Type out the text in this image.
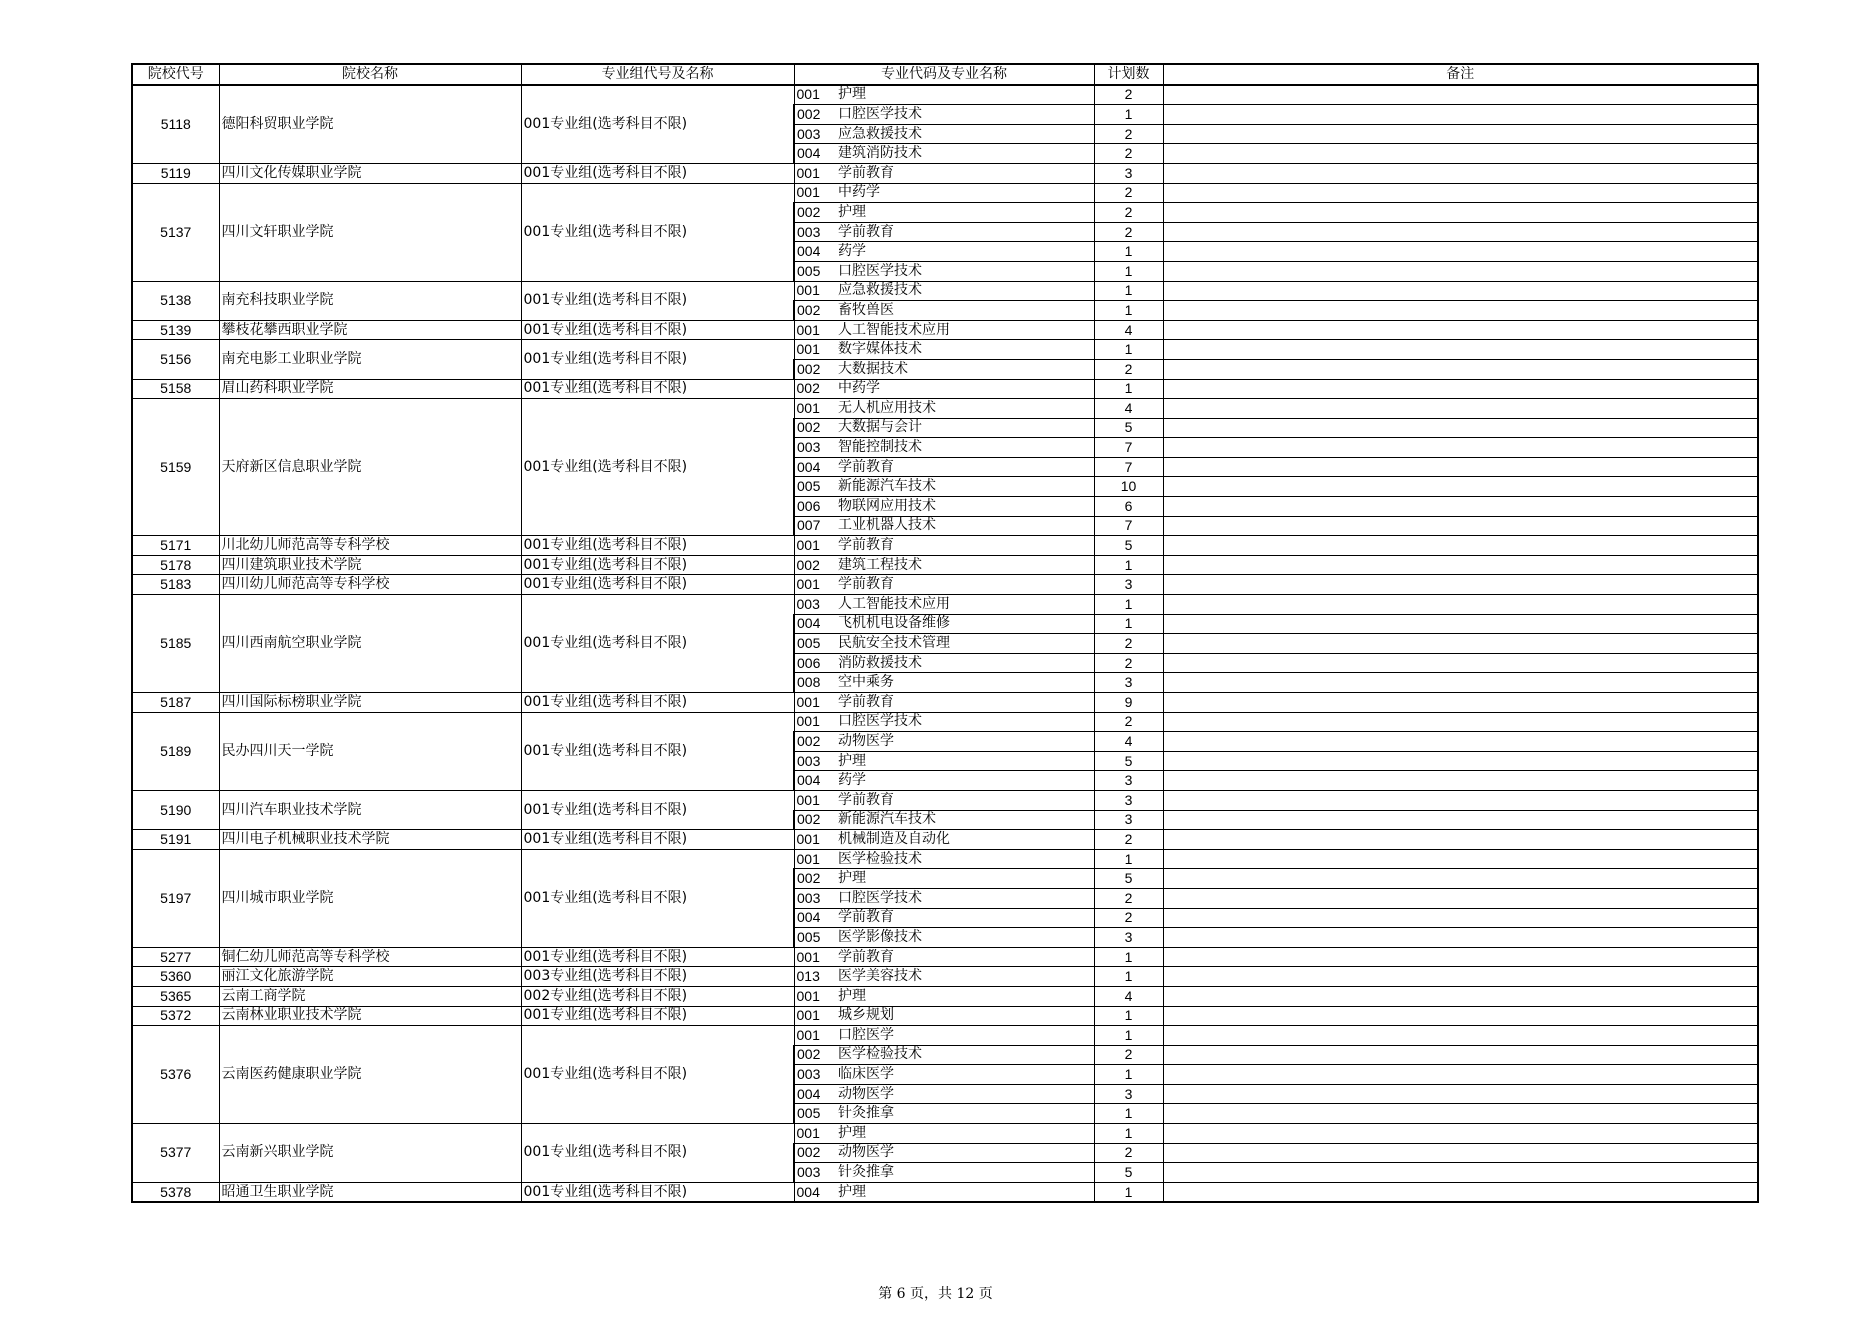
院校代号	院校名称	专业组代号及名称	专业代码及专业名称		计划数	备注
5118	德阳科贸职业学院	001专业组(选考科目不限)	001	护理	2	
			002	口腔医学技术	1	
			003	应急救援技术	2	
			004	建筑消防技术	2	
5119	四川文化传媒职业学院	001专业组(选考科目不限)	001	学前教育	3	
5137	四川文轩职业学院	001专业组(选考科目不限)	001	中药学	2	
			002	护理	2	
			003	学前教育	2	
			004	药学	1	
			005	口腔医学技术	1	
5138	南充科技职业学院	001专业组(选考科目不限)	001	应急救援技术	1	
			002	畜牧兽医	1	
5139	攀枝花攀西职业学院	001专业组(选考科目不限)	001	人工智能技术应用	4	
5156	南充电影工业职业学院	001专业组(选考科目不限)	001	数字媒体技术	1	
			002	大数据技术	2	
5158	眉山药科职业学院	001专业组(选考科目不限)	002	中药学	1	
5159	天府新区信息职业学院	001专业组(选考科目不限)	001	无人机应用技术	4	
			002	大数据与会计	5	
			003	智能控制技术	7	
			004	学前教育	7	
			005	新能源汽车技术	10	
			006	物联网应用技术	6	
			007	工业机器人技术	7	
5171	川北幼儿师范高等专科学校	001专业组(选考科目不限)	001	学前教育	5	
5178	四川建筑职业技术学院	001专业组(选考科目不限)	002	建筑工程技术	1	
5183	四川幼儿师范高等专科学校	001专业组(选考科目不限)	001	学前教育	3	
5185	四川西南航空职业学院	001专业组(选考科目不限)	003	人工智能技术应用	1	
			004	飞机机电设备维修	1	
			005	民航安全技术管理	2	
			006	消防救援技术	2	
			008	空中乘务	3	
5187	四川国际标榜职业学院	001专业组(选考科目不限)	001	学前教育	9	
5189	民办四川天一学院	001专业组(选考科目不限)	001	口腔医学技术	2	
			002	动物医学	4	
			003	护理	5	
			004	药学	3	
5190	四川汽车职业技术学院	001专业组(选考科目不限)	001	学前教育	3	
			002	新能源汽车技术	3	
5191	四川电子机械职业技术学院	001专业组(选考科目不限)	001	机械制造及自动化	2	
5197	四川城市职业学院	001专业组(选考科目不限)	001	医学检验技术	1	
			002	护理	5	
			003	口腔医学技术	2	
			004	学前教育	2	
			005	医学影像技术	3	
5277	铜仁幼儿师范高等专科学校	001专业组(选考科目不限)	001	学前教育	1	
5360	丽江文化旅游学院	003专业组(选考科目不限)	013	医学美容技术	1	
5365	云南工商学院	002专业组(选考科目不限)	001	护理	4	
5372	云南林业职业技术学院	001专业组(选考科目不限)	001	城乡规划	1	
5376	云南医药健康职业学院	001专业组(选考科目不限)	001	口腔医学	1	
			002	医学检验技术	2	
			003	临床医学	1	
			004	动物医学	3	
			005	针灸推拿	1	
5377	云南新兴职业学院	001专业组(选考科目不限)	001	护理	1	
			002	动物医学	2	
			003	针灸推拿	5	
5378	昭通卫生职业学院	001专业组(选考科目不限)	004	护理	1	
第 6 页，共 12 页
